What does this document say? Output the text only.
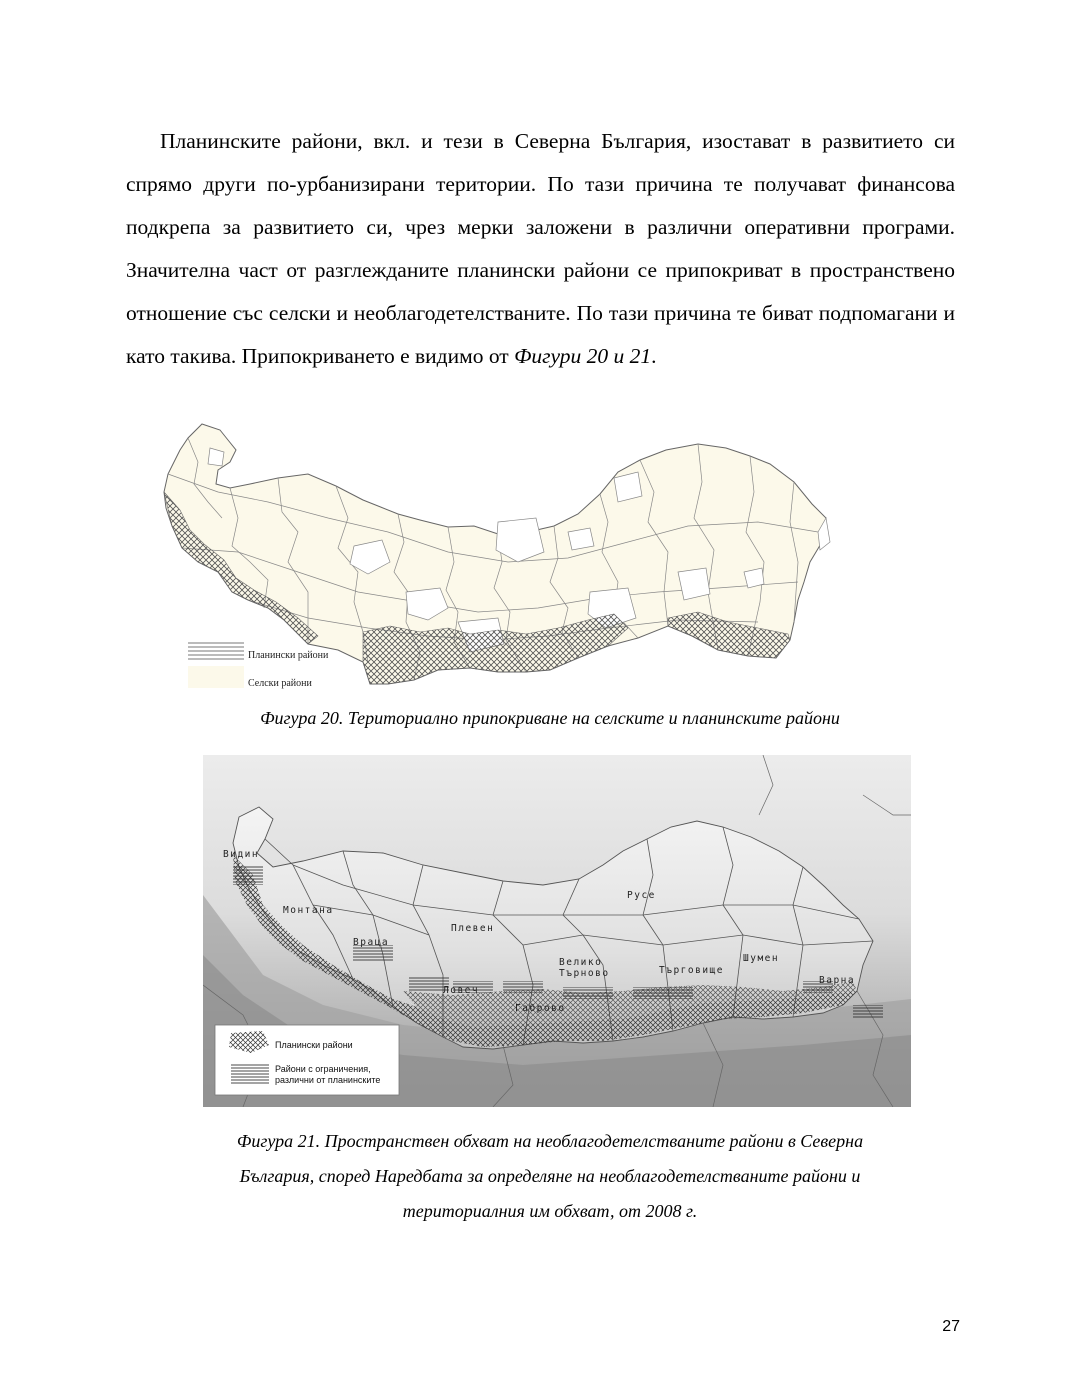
Планинските райони, вкл. и тези в Северна България, изостават в развитието си спрямо други по-урбанизирани територии. По тази причина те получават финансова подкрепа за развитието си, чрез мерки заложени в различни оперативни програми. Значителна част от разглежданите планински райони се припокриват в пространствено отношение със селски и необлагодетелстваните. По тази причина те биват подпомагани и като такива. Припокриването е видимо от Фигури 20 и 21.

Планински райони
Селски райони
Фигура 20. Териториално припокриване на селските и планинските райони
Видин
Монтана
Враца
Плевен
Русе
Велико
Търново	Търговище
Шумен
Варна
Ловеч
Габрово
Планински райони
Райони с ограничения,
различни от планинските
Фигура 21. Пространствен обхват на необлагодетелстваните райони в Северна
България, според Наредбата за определяне на необлагодетелстваните райони и
териториалния им обхват, от 2008 г.
27
